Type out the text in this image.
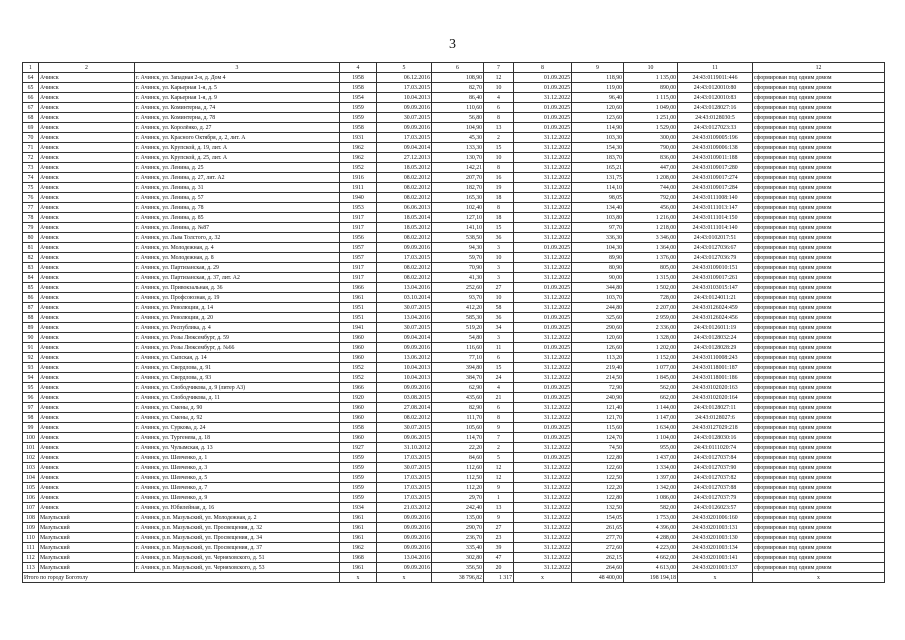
3
1	2	3	4	5	6	7	8	9	10	11	12
64	Ачинск	г. Ачинск, ул. Западная 2-я, д. Дом 4	1958	06.12.2016	108,90	12	01.09.2025	118,90	1 135,00	24:43:0119011:446	сформирован под одним домом
65	Ачинск	г. Ачинск, ул. Карьерная 1-я, д. 5	1958	17.03.2015	82,70	10	01.09.2025	119,00	890,00	24:43:0120010:80	сформирован под одним домом
66	Ачинск	г. Ачинск, ул. Карьерная 1-я, д. 9	1954	10.04.2013	86,40	4	31.12.2022	96,40	1 115,00	24:43:0120010:83	сформирован под одним домом
67	Ачинск	г. Ачинск, ул. Коминтерна, д. 74	1959	09.09.2016	110,60	6	01.09.2025	120,60	1 049,00	24:43:0128027:16	сформирован под одним домом
68	Ачинск	г. Ачинск, ул. Коминтерна, д. 78	1959	30.07.2015	56,80	8	01.09.2025	123,60	1 251,00	24:43:0128030:5	сформирован под одним домом
69	Ачинск	г. Ачинск, ул. Королёнко, д. 27	1958	09.09.2016	104,90	13	01.09.2025	114,90	1 529,00	24:43:0127023:33	сформирован под одним домом
70	Ачинск	г. Ачинск, ул. Красного Октября, д. 2, лит. А	1931	17.03.2015	45,30	2	31.12.2022	103,30	300,00	24:43:0109005:196	сформирован под одним домом
71	Ачинск	г. Ачинск, ул. Крупской, д. 19, лит. А	1962	09.04.2014	133,30	15	31.12.2022	154,30	790,00	24:43:0109006:138	сформирован под одним домом
72	Ачинск	г. Ачинск, ул. Крупской, д. 25, лит. А	1962	27.12.2013	130,70	10	31.12.2022	183,70	836,00	24:43:0109011:188	сформирован под одним домом
73	Ачинск	г. Ачинск, ул. Ленина, д. 25	1952	18.05.2012	142,21	8	31.12.2022	165,21	447,00	24:43:0109017:280	сформирован под одним домом
74	Ачинск	г. Ачинск, ул. Ленина, д. 27, лит. А2	1916	08.02.2012	207,70	16	31.12.2022	131,75	1 208,00	24:43:0109017:274	сформирован под одним домом
75	Ачинск	г. Ачинск, ул. Ленина, д. 31	1911	08.02.2012	182,70	19	31.12.2022	114,10	744,00	24:43:0109017:284	сформирован под одним домом
76	Ачинск	г. Ачинск, ул. Ленина, д. 57	1940	08.02.2012	165,30	18	31.12.2022	98,05	792,00	24:43:0111008:140	сформирован под одним домом
77	Ачинск	г. Ачинск, ул. Ленина, д. 78	1953	06.06.2013	102,40	8	31.12.2022	134,40	456,00	24:43:0111013:147	сформирован под одним домом
78	Ачинск	г. Ачинск, ул. Ленина, д. 85	1917	18.05.2014	127,10	18	31.12.2022	103,80	1 216,00	24:43:0111014:150	сформирован под одним домом
79	Ачинск	г. Ачинск, ул. Ленина, д. №87	1917	18.05.2012	141,10	15	31.12.2022	97,70	1 218,00	24:43:0111014:140	сформирован под одним домом
80	Ачинск	г. Ачинск, ул. Льва Толстого, д. 32	1956	08.02.2012	538,50	36	31.12.2022	336,30	3 346,00	24:43:0102017:51	сформирован под одним домом
81	Ачинск	г. Ачинск, ул. Молодежная, д. 4	1957	09.09.2016	94,30	3	01.09.2025	104,30	1 364,00	24:43:0127036:67	сформирован под одним домом
82	Ачинск	г. Ачинск, ул. Молодежная, д. 8	1957	17.03.2015	59,70	10	31.12.2022	89,90	1 376,00	24:43:0127036:79	сформирован под одним домом
83	Ачинск	г. Ачинск, ул. Партизанская, д. 29	1917	08.02.2012	70,90	3	31.12.2022	80,90	805,00	24:43:0109010:151	сформирован под одним домом
84	Ачинск	г. Ачинск, ул. Партизанская, д. 37, лит. А2	1917	08.02.2012	41,30	3	31.12.2022	90,00	1 315,00	24:43:0109017:261	сформирован под одним домом
85	Ачинск	г. Ачинск, ул. Привокзальная, д. 36	1966	13.04.2016	252,60	27	01.09.2025	344,80	1 502,00	24:43:0103015:147	сформирован под одним домом
86	Ачинск	г. Ачинск, ул. Профсоюзная, д. 19	1961	03.10.2014	93,70	10	31.12.2022	103,70	728,00	24:43:0124011:21	сформирован под одним домом
87	Ачинск	г. Ачинск, ул. Революции, д. 14	1951	30.07.2015	412,20	58	31.12.2022	244,80	2 207,00	24:43:0126024:459	сформирован под одним домом
88	Ачинск	г. Ачинск, ул. Революции, д. 20	1951	13.04.2016	585,30	36	01.09.2025	325,60	2 959,00	24:43:0126024:456	сформирован под одним домом
89	Ачинск	г. Ачинск, ул. Республика, д. 4	1941	30.07.2015	519,20	34	01.09.2025	290,60	2 336,00	24:43:0126011:19	сформирован под одним домом
90	Ачинск	г. Ачинск, ул. Розы Люксембург, д. 59	1960	09.04.2014	54,80	3	31.12.2022	120,60	1 328,00	24:43:0128032:24	сформирован под одним домом
91	Ачинск	г. Ачинск, ул. Розы Люксембург, д. №66	1960	09.09.2016	116,60	11	01.09.2025	126,60	1 202,00	24:43:0128028:29	сформирован под одним домом
92	Ачинск	г. Ачинск, ул. Сыпская, д. 14	1960	13.06.2012	77,10	6	31.12.2022	113,20	1 152,00	24:43:0110008:243	сформирован под одним домом
93	Ачинск	г. Ачинск, ул. Свердлова, д. 91	1952	10.04.2013	394,80	15	31.12.2022	219,40	1 077,00	24:43:0118001:187	сформирован под одним домом
94	Ачинск	г. Ачинск, ул. Свердлова, д. 93	1952	10.04.2013	384,70	24	31.12.2022	214,50	1 845,00	24:43:0118001:186	сформирован под одним домом
95	Ачинск	г. Ачинск, ул. Слободчикова, д. 9 (литер А3)	1966	09.09.2016	62,90	4	01.09.2025	72,90	562,00	24:43:0102020:163	сформирован под одним домом
96	Ачинск	г. Ачинск, ул. Слободчикова, д. 11	1920	03.08.2015	435,60	21	01.09.2025	240,90	662,00	24:43:0102020:164	сформирован под одним домом
97	Ачинск	г. Ачинск, ул. Смены, д. 90	1960	27.08.2014	82,90	6	31.12.2022	121,40	1 144,00	24:43:0128027:11	сформирован под одним домом
98	Ачинск	г. Ачинск, ул. Смены, д. 92	1960	08.02.2012	111,70	8	31.12.2022	121,70	1 147,00	24:43:0128027:6	сформирован под одним домом
99	Ачинск	г. Ачинск, ул. Суркова, д. 24	1958	30.07.2015	105,60	9	01.09.2025	115,60	1 634,00	24:43:0127029:218	сформирован под одним домом
100	Ачинск	г. Ачинск, ул. Тургенева, д. 18	1960	09.06.2015	114,70	7	01.09.2025	124,70	1 104,00	24:43:0128030:16	сформирован под одним домом
101	Ачинск	г. Ачинск, ул. Чулымская, д. 13	1927	31.10.2012	22,20	2	31.12.2022	74,50	955,00	24:43:0111020:74	сформирован под одним домом
102	Ачинск	г. Ачинск, ул. Шевченко, д. 1	1959	17.03.2015	84,60	5	01.09.2025	122,80	1 437,00	24:43:0127037:84	сформирован под одним домом
103	Ачинск	г. Ачинск, ул. Шевченко, д. 3	1959	30.07.2015	112,60	12	31.12.2022	122,60	1 334,00	24:43:0127037:90	сформирован под одним домом
104	Ачинск	г. Ачинск, ул. Шевченко, д. 5	1959	17.03.2015	112,50	12	31.12.2022	122,50	1 397,00	24:43:0127037:82	сформирован под одним домом
105	Ачинск	г. Ачинск, ул. Шевченко, д. 7	1959	17.03.2015	112,20	9	31.12.2022	122,20	1 342,00	24:43:0127037:88	сформирован под одним домом
106	Ачинск	г. Ачинск, ул. Шевченко, д. 9	1959	17.03.2015	29,70	1	31.12.2022	122,80	1 086,00	24:43:0127037:79	сформирован под одним домом
107	Ачинск	г. Ачинск, ул. Юбилейная, д. 16	1934	21.03.2012	242,40	13	31.12.2022	132,50	582,00	24:43:0126023:57	сформирован под одним домом
108	Мазульский	г. Ачинск, р.п. Мазульский, ул. Молодежная, д. 2	1961	09.09.2016	135,00	9	31.12.2022	154,05	1 753,00	24:43:0201006:160	сформирован под одним домом
109	Мазульский	г. Ачинск, р.п. Мазульский, ул. Просвещения, д. 32	1961	09.09.2016	290,70	27	31.12.2022	261,65	4 396,00	24:43:0201003:131	сформирован под одним домом
110	Мазульский	г. Ачинск, р.п. Мазульский, ул. Просвещения, д. 34	1961	09.09.2016	236,70	23	31.12.2022	277,70	4 288,00	24:43:0201003:130	сформирован под одним домом
111	Мазульский	г. Ачинск, р.п. Мазульский, ул. Просвещения, д. 37	1962	09.09.2016	335,40	39	31.12.2022	272,60	4 223,00	24:43:0201003:134	сформирован под одним домом
112	Мазульский	г. Ачинск, р.п. Мазульский, ул. Черняховского, д. 51	1968	13.04.2016	302,80	47	31.12.2022	262,15	4 662,00	24:43:0201003:141	сформирован под одним домом
113	Мазульский	г. Ачинск, р.п. Мазульский, ул. Черняховского, д. 53	1961	09.09.2016	356,50	20	31.12.2022	264,60	4 613,00	24:43:0201003:137	сформирован под одним домом
Итого по городу Боготолу			x	x	38 796,82	1 317	x	48 400,00	198 194,18	x	x
